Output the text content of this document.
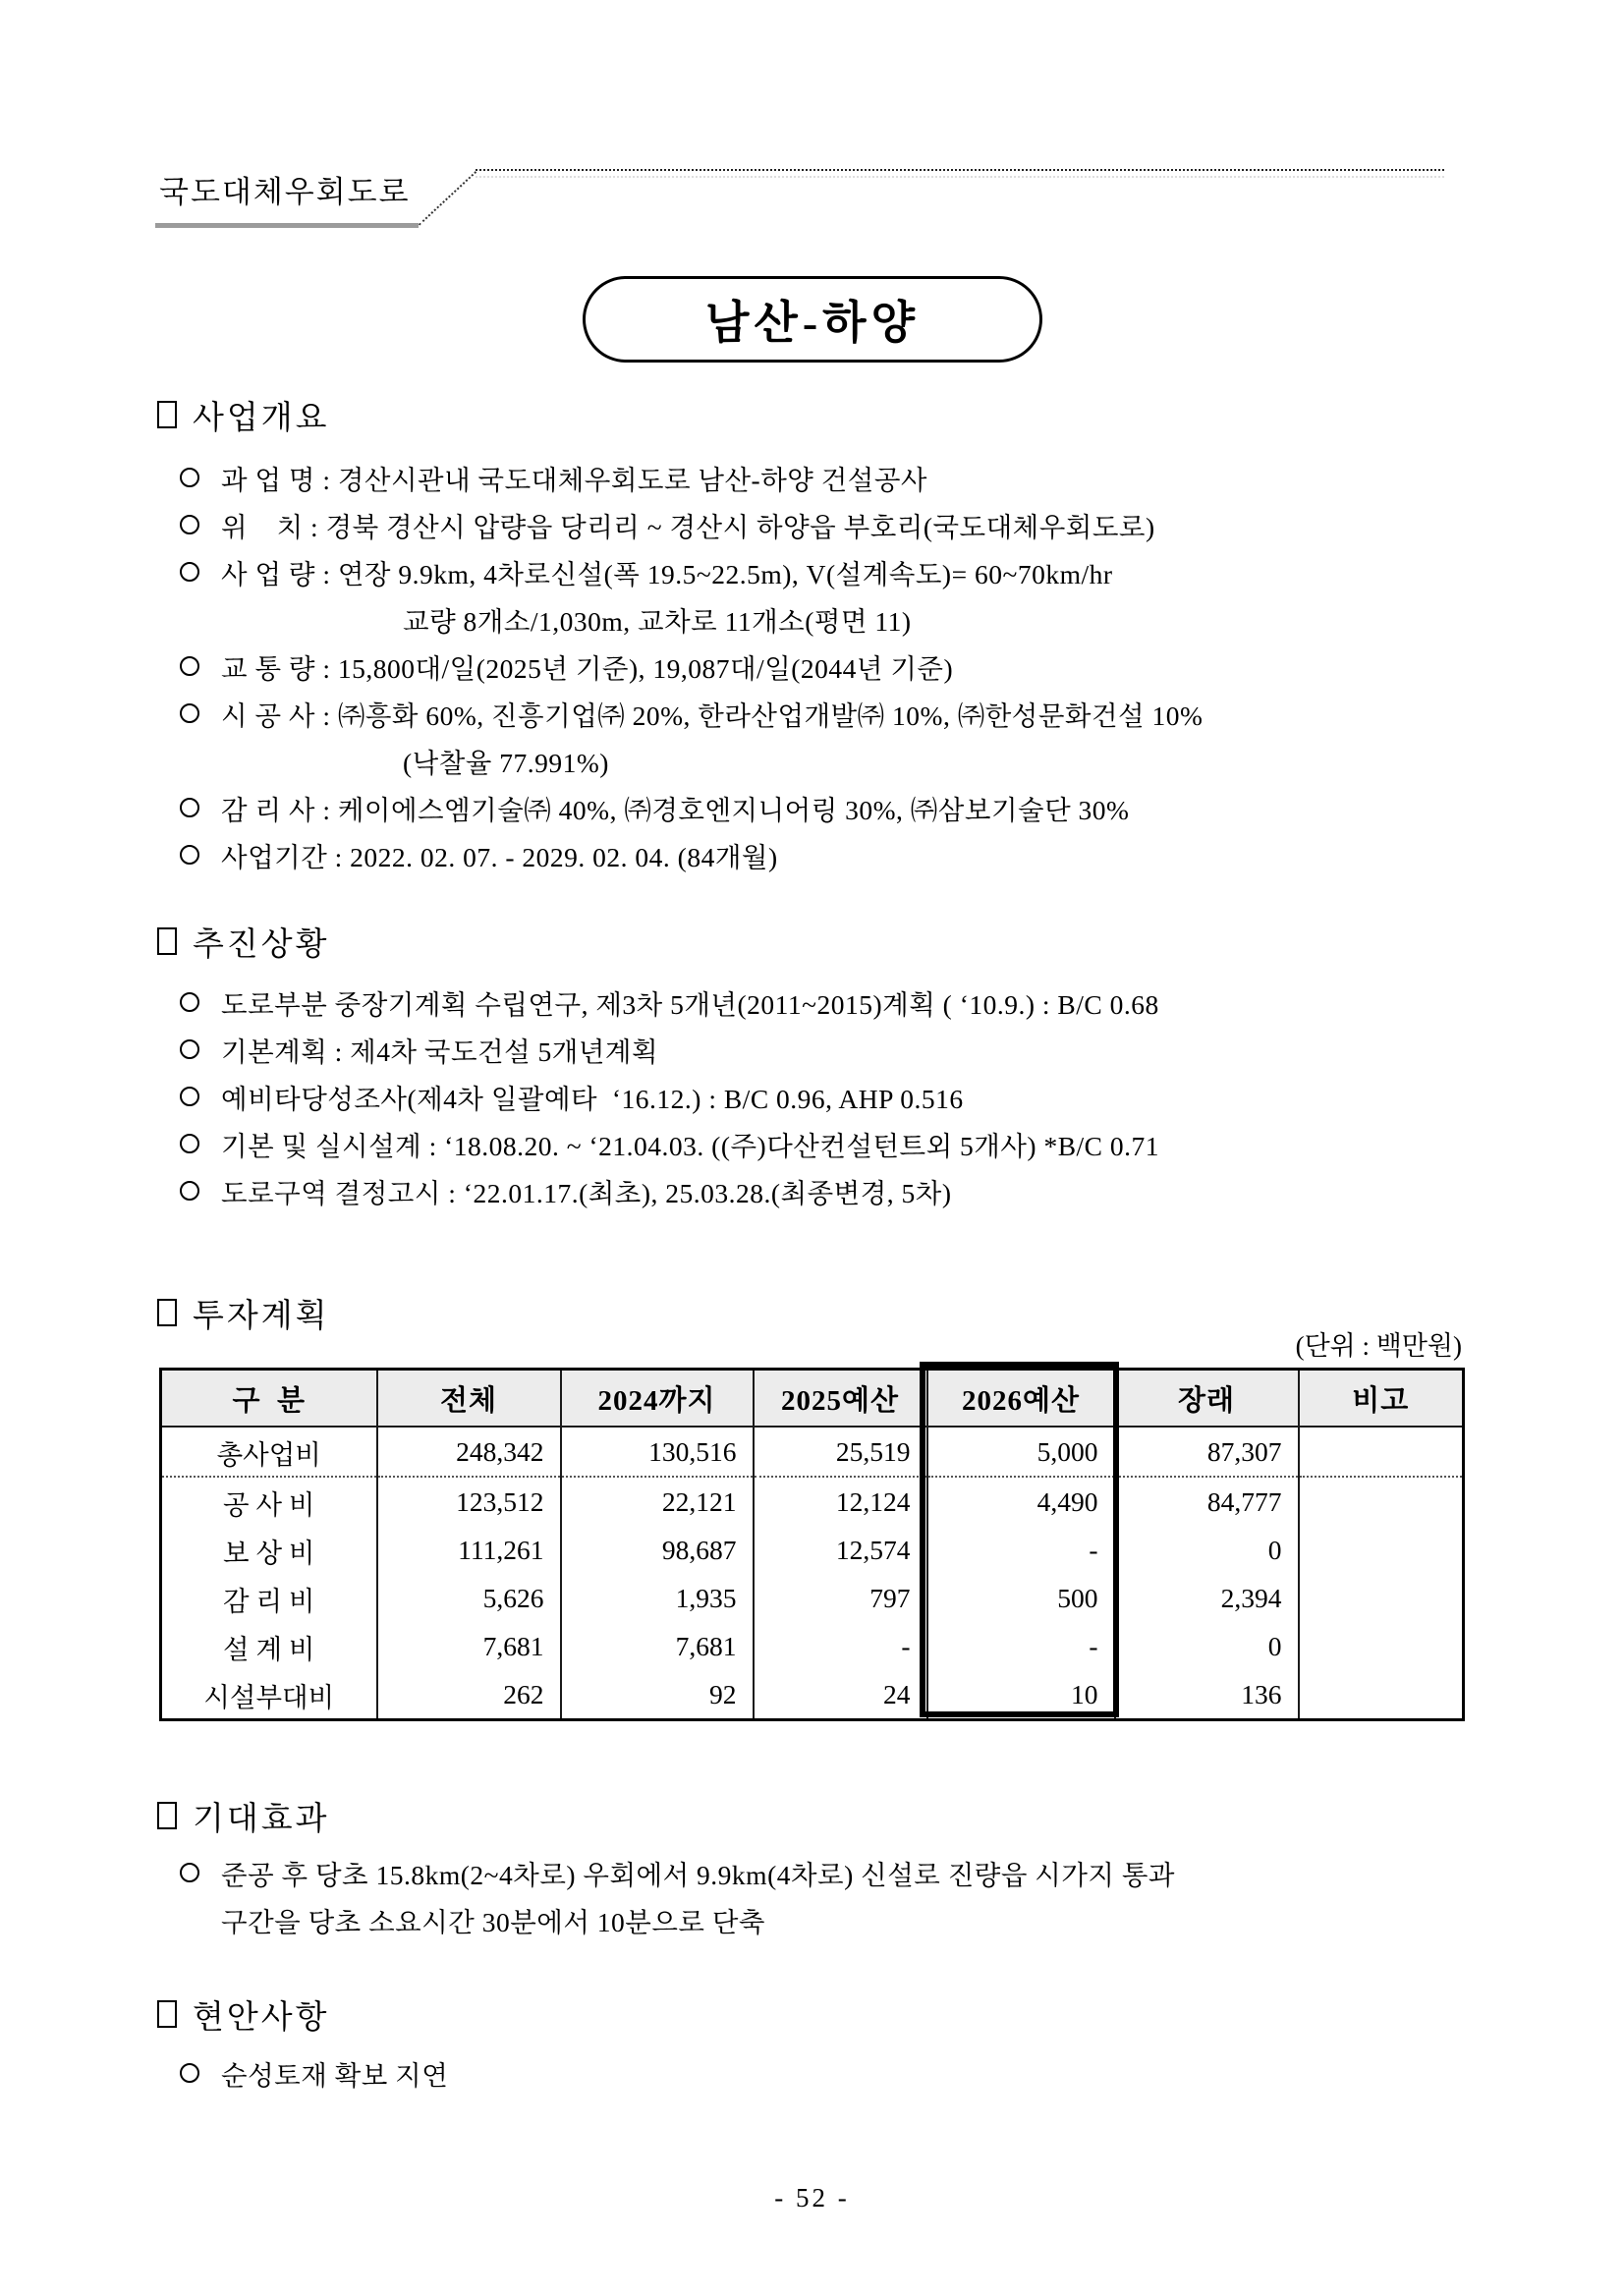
국도대체우회도로
남산-하양
사업개요
과 업 명 : 경산시관내 국도대체우회도로 남산-하양 건설공사
위    치 : 경북 경산시 압량읍 당리리 ~ 경산시 하양읍 부호리(국도대체우회도로)
사 업 량 : 연장 9.9km, 4차로신설(폭 19.5~22.5m), V(설계속도)= 60~70km/hr
교량 8개소/1,030m, 교차로 11개소(평면 11)
교 통 량 : 15,800대/일(2025년 기준), 19,087대/일(2044년 기준)
시 공 사 : ㈜흥화 60%, 진흥기업㈜ 20%, 한라산업개발㈜ 10%, ㈜한성문화건설 10%
(낙찰율 77.991%)
감 리 사 : 케이에스엠기술㈜ 40%, ㈜경호엔지니어링 30%, ㈜삼보기술단 30%
사업기간 : 2022. 02. 07. - 2029. 02. 04. (84개월)
추진상황
도로부분 중장기계획 수립연구, 제3차 5개년(2011~2015)계획 ( ‘10.9.) : B/C 0.68
기본계획 : 제4차 국도건설 5개년계획
예비타당성조사(제4차 일괄예타  ‘16.12.) : B/C 0.96, AHP 0.516
기본 및 실시설계 : ‘18.08.20. ~ ‘21.04.03. ((주)다산컨설턴트외 5개사) *B/C 0.71
도로구역 결정고시 : ‘22.01.17.(최초), 25.03.28.(최종변경, 5차)
투자계획
(단위 : 백만원)
구  분	전체	2024까지	2025예산	2026예산	장래	비고
총사업비	248,342	130,516	25,519	5,000	87,307	
공 사 비	123,512	22,121	12,124	4,490	84,777	
보 상 비	111,261	98,687	12,574	-	0	
감 리 비	5,626	1,935	797	500	2,394	
설 계 비	7,681	7,681	-	-	0	
시설부대비	262	92	24	10	136	
기대효과
준공 후 당초 15.8km(2~4차로) 우회에서 9.9km(4차로) 신설로 진량읍 시가지 통과
구간을 당초 소요시간 30분에서 10분으로 단축
현안사항
순성토재 확보 지연
- 52 -
